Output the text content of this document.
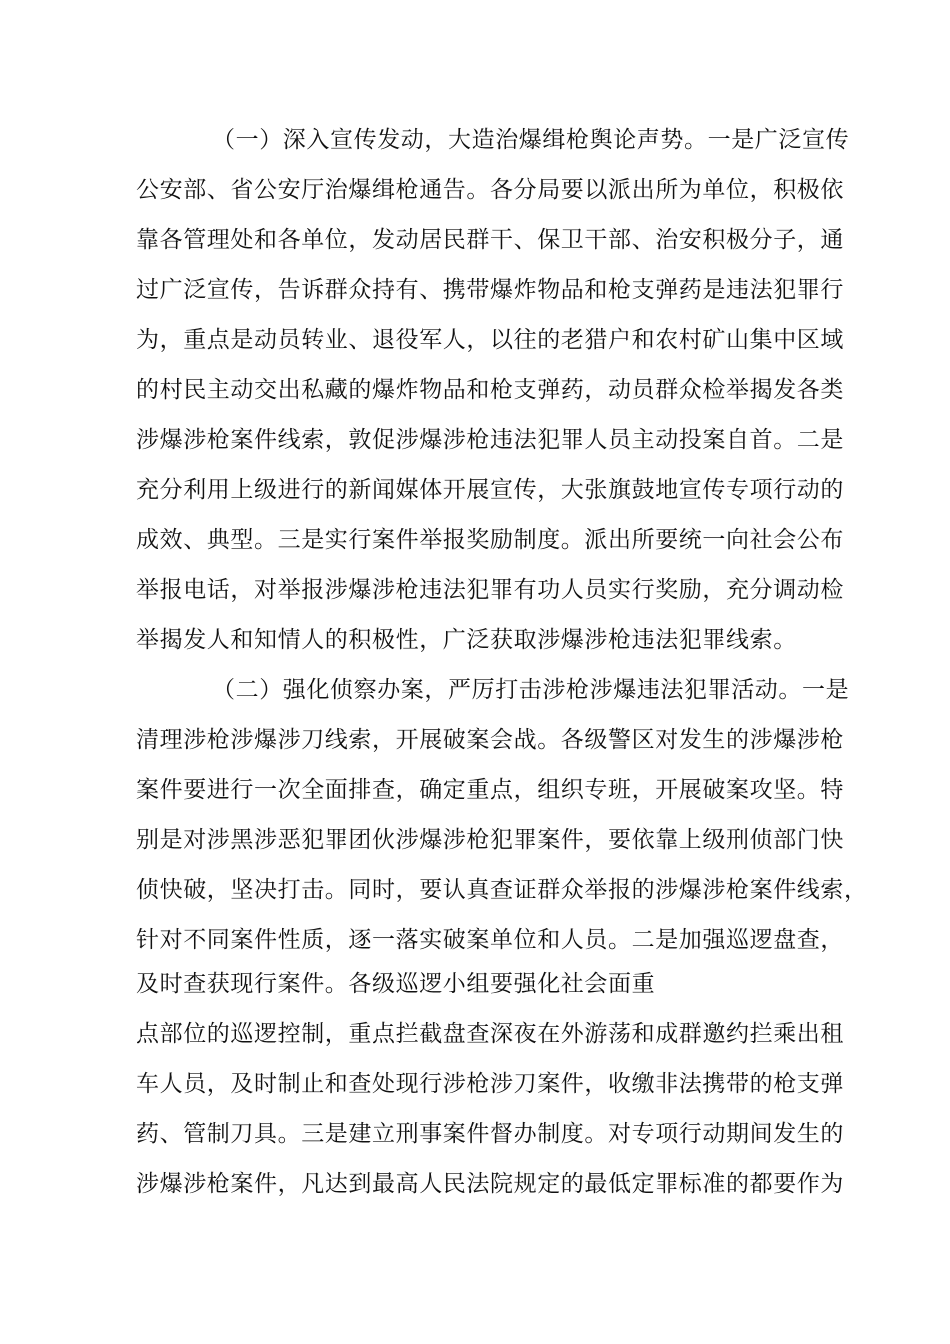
（一）深入宣传发动，大造治爆缉枪舆论声势。一是广泛宣传
公安部、省公安厅治爆缉枪通告。各分局要以派出所为单位，积极依
靠各管理处和各单位，发动居民群干、保卫干部、治安积极分子，通
过广泛宣传，告诉群众持有、携带爆炸物品和枪支弹药是违法犯罪行
为，重点是动员转业、退役军人，以往的老猎户和农村矿山集中区域
的村民主动交出私藏的爆炸物品和枪支弹药，动员群众检举揭发各类
涉爆涉枪案件线索，敦促涉爆涉枪违法犯罪人员主动投案自首。二是
充分利用上级进行的新闻媒体开展宣传，大张旗鼓地宣传专项行动的
成效、典型。三是实行案件举报奖励制度。派出所要统一向社会公布
举报电话，对举报涉爆涉枪违法犯罪有功人员实行奖励，充分调动检
举揭发人和知情人的积极性，广泛获取涉爆涉枪违法犯罪线索。
（二）强化侦察办案，严厉打击涉枪涉爆违法犯罪活动。一是
清理涉枪涉爆涉刀线索，开展破案会战。各级警区对发生的涉爆涉枪
案件要进行一次全面排查，确定重点，组织专班，开展破案攻坚。特
别是对涉黑涉恶犯罪团伙涉爆涉枪犯罪案件，要依靠上级刑侦部门快
侦快破，坚决打击。同时，要认真查证群众举报的涉爆涉枪案件线索，
针对不同案件性质，逐一落实破案单位和人员。二是加强巡逻盘查，
及时查获现行案件。各级巡逻小组要强化社会面重
点部位的巡逻控制，重点拦截盘查深夜在外游荡和成群邀约拦乘出租
车人员，及时制止和查处现行涉枪涉刀案件，收缴非法携带的枪支弹
药、管制刀具。三是建立刑事案件督办制度。对专项行动期间发生的
涉爆涉枪案件，凡达到最高人民法院规定的最低定罪标准的都要作为
